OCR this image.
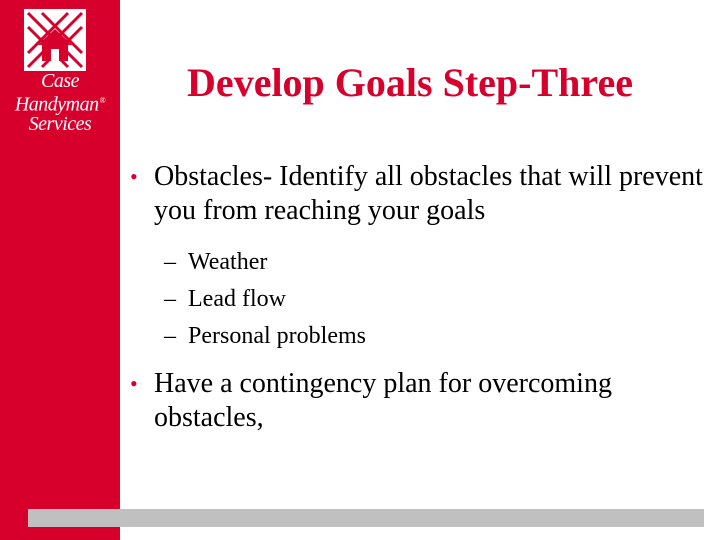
Case
Handyman®
Services
Develop Goals Step-Three
• Obstacles- Identify all obstacles that will prevent you from reaching your goals
– Weather
– Lead flow
– Personal problems
• Have a contingency plan for overcoming obstacles,
